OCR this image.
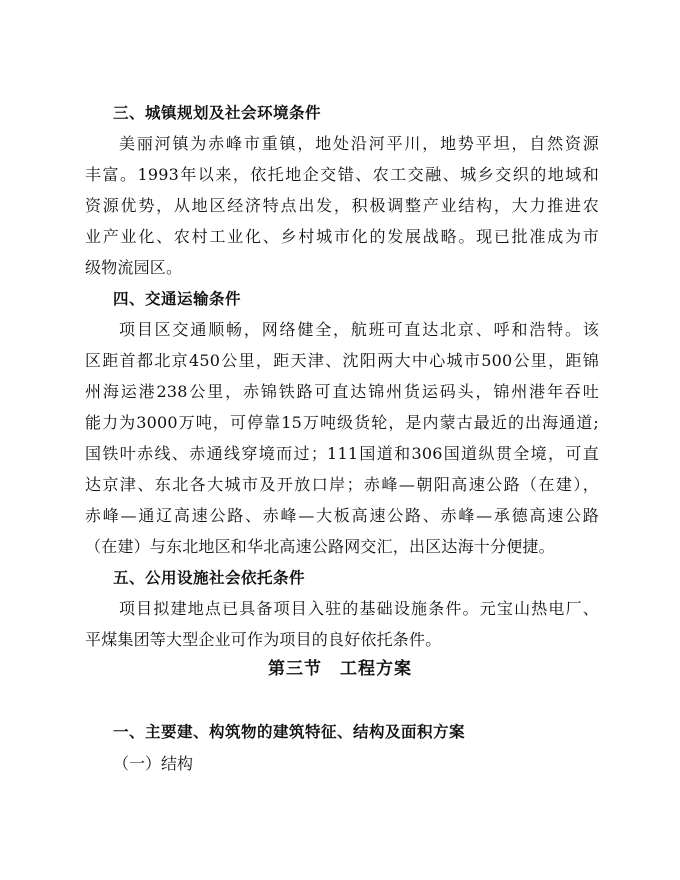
三、城镇规划及社会环境条件
美丽河镇为赤峰市重镇，地处沿河平川，地势平坦，自然资源
丰富。1993年以来，依托地企交错、农工交融、城乡交织的地域和
资源优势，从地区经济特点出发，积极调整产业结构，大力推进农
业产业化、农村工业化、乡村城市化的发展战略。现已批准成为市
级物流园区。
四、交通运输条件
项目区交通顺畅，网络健全，航班可直达北京、呼和浩特。该
区距首都北京450公里，距天津、沈阳两大中心城市500公里，距锦
州海运港238公里，赤锦铁路可直达锦州货运码头，锦州港年吞吐
能力为3000万吨，可停靠15万吨级货轮，是内蒙古最近的出海通道;
国铁叶赤线、赤通线穿境而过；111国道和306国道纵贯全境，可直
达京津、东北各大城市及开放口岸；赤峰—朝阳高速公路（在建），
赤峰—通辽高速公路、赤峰—大板高速公路、赤峰—承德高速公路
（在建）与东北地区和华北高速公路网交汇，出区达海十分便捷。
五、公用设施社会依托条件
项目拟建地点已具备项目入驻的基础设施条件。元宝山热电厂、
平煤集团等大型企业可作为项目的良好依托条件。
第三节　工程方案
一、主要建、构筑物的建筑特征、结构及面积方案
（一）结构
